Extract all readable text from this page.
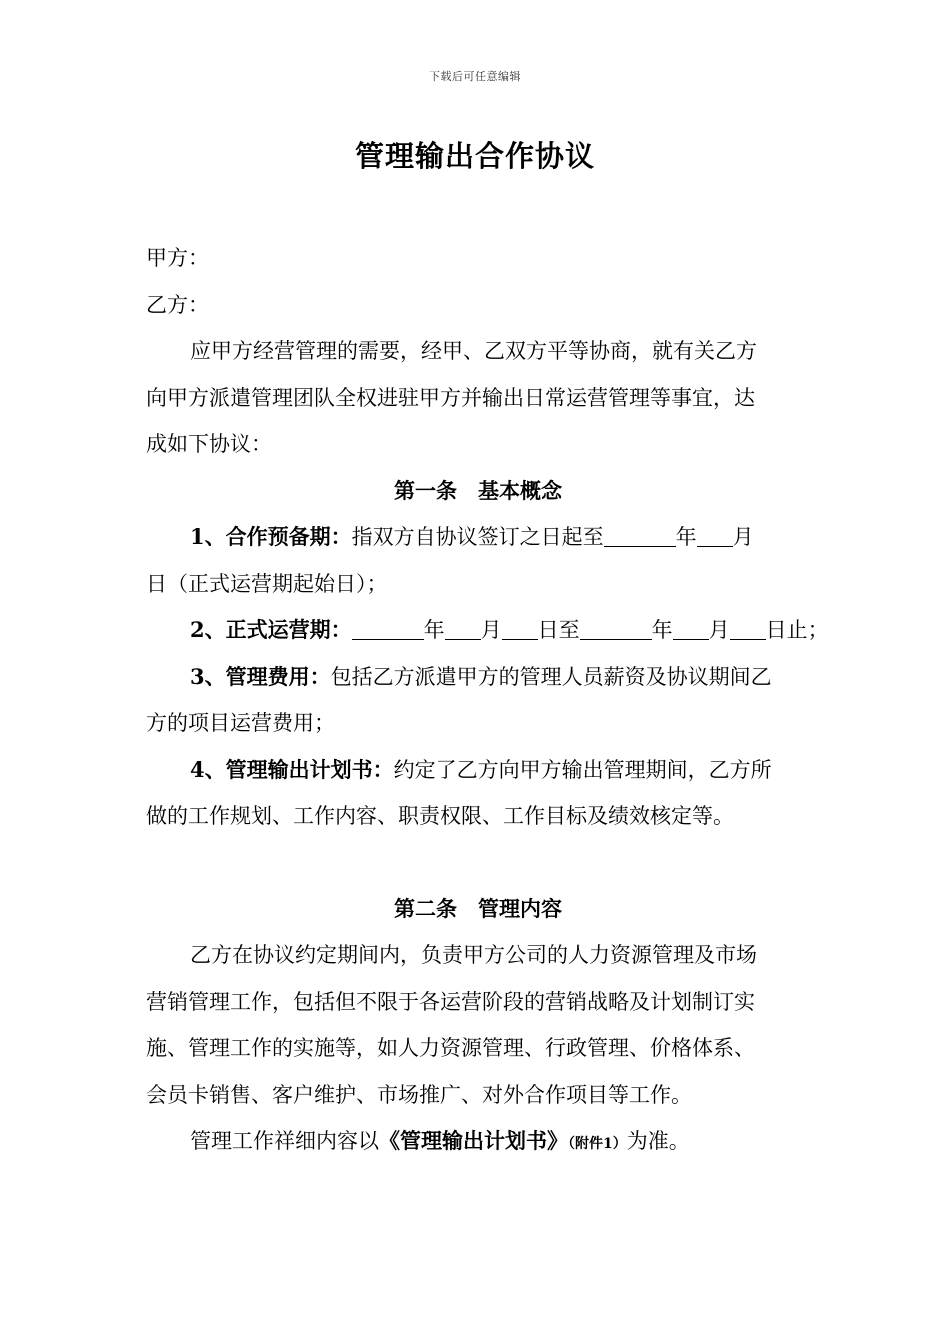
下载后可任意编辑
管理输出合作协议
甲方：
乙方：
应甲方经营管理的需要，经甲、乙双方平等协商，就有关乙方
向甲方派遣管理团队全权进驻甲方并输出日常运营管理等事宜，达
成如下协议：
第一条　基本概念
1、合作预备期：指双方自协议签订之日起至	年 月
日（正式运营期起始日）；
2、正式运营期：	年 月 日至	年 月 日止；
3、管理费用：包括乙方派遣甲方的管理人员薪资及协议期间乙
方的项目运营费用；
4、管理输出计划书：约定了乙方向甲方输出管理期间，乙方所
做的工作规划、工作内容、职责权限、工作目标及绩效核定等。
第二条　管理内容
乙方在协议约定期间内，负责甲方公司的人力资源管理及市场
营销管理工作，包括但不限于各运营阶段的营销战略及计划制订实
施、管理工作的实施等，如人力资源管理、行政管理、价格体系、
会员卡销售、客户维护、市场推广、对外合作项目等工作。
管理工作祥细内容以《管理输出计划书》（附件1）为准。
